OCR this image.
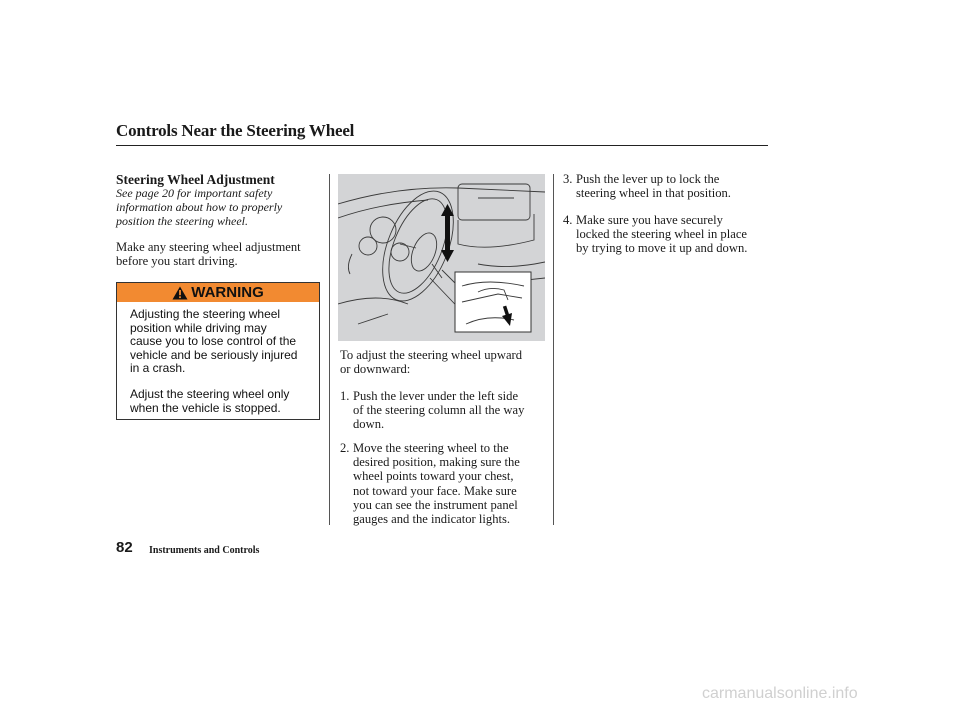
Controls Near the Steering Wheel
Steering Wheel Adjustment
See page 20 for important safety
information about how to properly
position the steering wheel.
Make any steering wheel adjustment
before you start driving.
WARNING
Adjusting the steering wheel
position while driving may
cause you to lose control of the
vehicle and be seriously injured
in a crash.
Adjust the steering wheel only
when the vehicle is stopped.
To adjust the steering wheel upward
or downward:
1. Push the lever under the left side
of the steering column all the way
down.
2. Move the steering wheel to the
desired position, making sure the
wheel points toward your chest,
not toward your face. Make sure
you can see the instrument panel
gauges and the indicator lights.
3. Push the lever up to lock the
steering wheel in that position.
4. Make sure you have securely
locked the steering wheel in place
by trying to move it up and down.
82 Instruments and Controls
carmanualsonline.info
